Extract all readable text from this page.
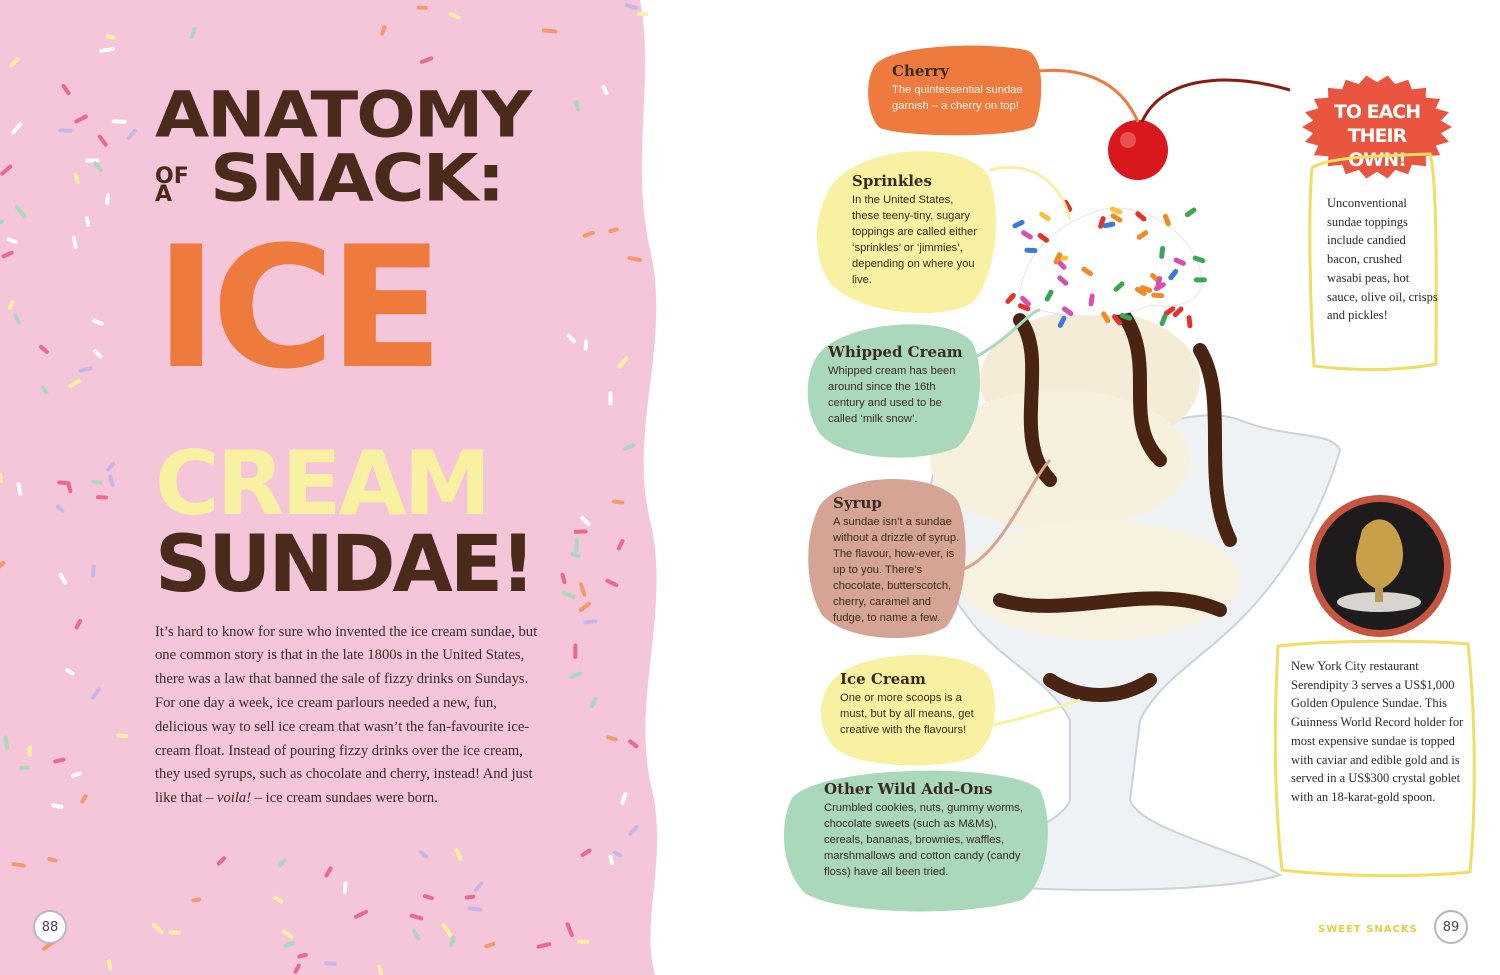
ANATOMY
OF
A SNACK:
ICE
CREAM
SUNDAE!

It’s hard to know for sure who invented the ice cream sundae, but one common story is that in the late 1800s in the United States, there was a law that banned the sale of fizzy drinks on Sundays. For one day a week, ice cream parlours needed a new, fun, delicious way to sell ice cream that wasn’t the fan-favourite ice-cream float. Instead of pouring fizzy drinks over the ice cream, they used syrups, such as chocolate and cherry, instead! And just like that – voila! – ice cream sundaes were born.

88
Cherry
The quintessential sundae garnish – a cherry on top!
Sprinkles
In the United States, these teeny-tiny, sugary toppings are called either ‘sprinkles’ or ‘jimmies’, depending on where you live.
Whipped Cream
Whipped cream has been around since the 16th century and used to be called ‘milk snow’.
Syrup
A sundae isn’t a sundae without a drizzle of syrup. The flavour, how-ever, is up to you. There’s chocolate, butterscotch, cherry, caramel and fudge, to name a few.
Ice Cream
One or more scoops is a must, but by all means, get creative with the flavours!
Other Wild Add-Ons
Crumbled cookies, nuts, gummy worms, chocolate sweets (such as M&Ms), cereals, bananas, brownies, waffles, marshmallows and cotton candy (candy floss) have all been tried.
TO EACH
THEIR OWN!
Unconventional sundae toppings include candied bacon, crushed wasabi peas, hot sauce, olive oil, crisps and pickles!
New York City restaurant Serendipity 3 serves a US$1,000 Golden Opulence Sundae. This Guinness World Record holder for most expensive sundae is topped with caviar and edible gold and is served in a US$300 crystal goblet with an 18-karat-gold spoon.
SWEET SNACKS	89
